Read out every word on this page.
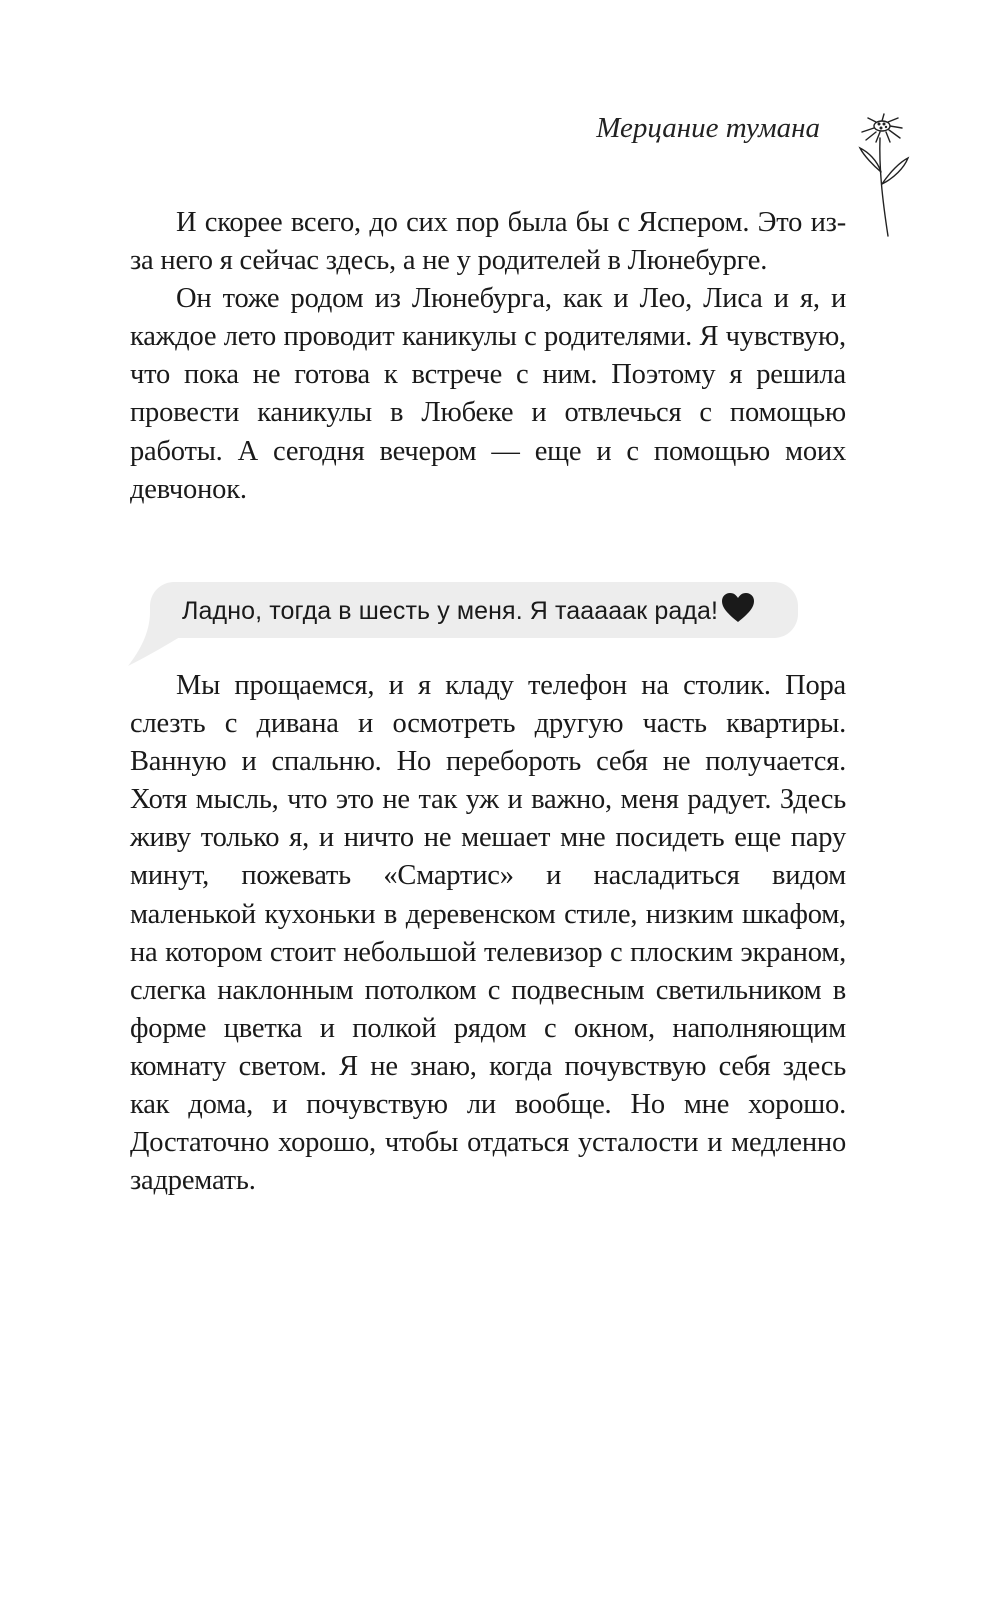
Мерцание тумана

И скорее всего, до сих пор была бы с Яспером. Это из-за него я сейчас здесь, а не у родителей в Люнебурге.

Он тоже родом из Люнебурга, как и Лео, Лиса и я, и каждое лето проводит каникулы с родителями. Я чувствую, что пока не готова к встрече с ним. Поэтому я решила провести каникулы в Любеке и отвлечься с помощью работы. А сегодня вечером — еще и с помощью моих девчонок.

Ладно, тогда в шесть у меня. Я тааааак рада!

Мы прощаемся, и я кладу телефон на столик. Пора слезть с дивана и осмотреть другую часть квартиры. Ванную и спальню. Но перебороть себя не получается. Хотя мысль, что это не так уж и важно, меня радует. Здесь живу только я, и ничто не мешает мне посидеть еще пару минут, пожевать «Смартис» и насладиться видом маленькой кухоньки в деревенском стиле, низким шкафом, на котором стоит небольшой телевизор с плоским экраном, слегка наклонным потолком с подвесным светильником в форме цветка и полкой рядом с окном, наполняющим комнату светом. Я не знаю, когда почувствую себя здесь как дома, и почувствую ли вообще. Но мне хорошо. Достаточно хорошо, чтобы отдаться усталости и медленно задремать.
